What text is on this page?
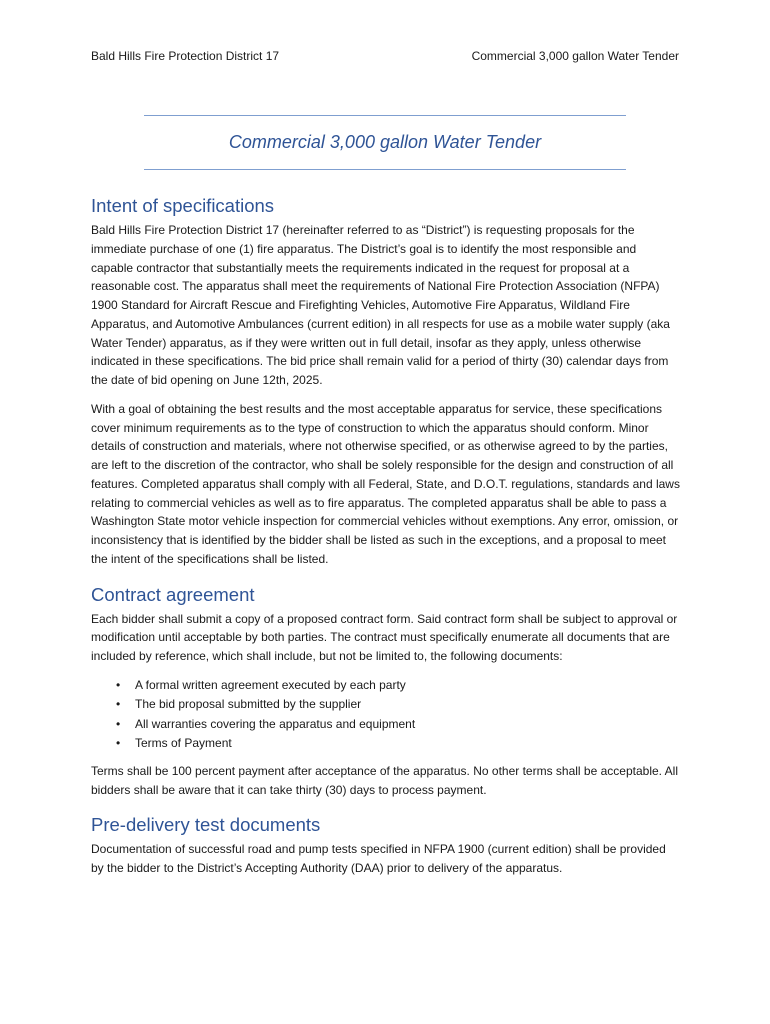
Bald Hills Fire Protection District 17	Commercial 3,000 gallon Water Tender
Commercial 3,000 gallon Water Tender
Intent of specifications

Bald Hills Fire Protection District 17 (hereinafter referred to as “District”) is requesting proposals for the immediate purchase of one (1) fire apparatus. The District’s goal is to identify the most responsible and capable contractor that substantially meets the requirements indicated in the request for proposal at a reasonable cost. The apparatus shall meet the requirements of National Fire Protection Association (NFPA) 1900 Standard for Aircraft Rescue and Firefighting Vehicles, Automotive Fire Apparatus, Wildland Fire Apparatus, and Automotive Ambulances (current edition) in all respects for use as a mobile water supply (aka Water Tender) apparatus, as if they were written out in full detail, insofar as they apply, unless otherwise indicated in these specifications. The bid price shall remain valid for a period of thirty (30) calendar days from the date of bid opening on June 12th, 2025.

With a goal of obtaining the best results and the most acceptable apparatus for service, these specifications cover minimum requirements as to the type of construction to which the apparatus should conform. Minor details of construction and materials, where not otherwise specified, or as otherwise agreed to by the parties, are left to the discretion of the contractor, who shall be solely responsible for the design and construction of all features. Completed apparatus shall comply with all Federal, State, and D.O.T. regulations, standards and laws relating to commercial vehicles as well as to fire apparatus. The completed apparatus shall be able to pass a Washington State motor vehicle inspection for commercial vehicles without exemptions. Any error, omission, or inconsistency that is identified by the bidder shall be listed as such in the exceptions, and a proposal to meet the intent of the specifications shall be listed.

Contract agreement

Each bidder shall submit a copy of a proposed contract form. Said contract form shall be subject to approval or modification until acceptable by both parties. The contract must specifically enumerate all documents that are included by reference, which shall include, but not be limited to, the following documents:

• A formal written agreement executed by each party
• The bid proposal submitted by the supplier
• All warranties covering the apparatus and equipment
• Terms of Payment

Terms shall be 100 percent payment after acceptance of the apparatus. No other terms shall be acceptable. All bidders shall be aware that it can take thirty (30) days to process payment.

Pre-delivery test documents

Documentation of successful road and pump tests specified in NFPA 1900 (current edition) shall be provided by the bidder to the District’s Accepting Authority (DAA) prior to delivery of the apparatus.
